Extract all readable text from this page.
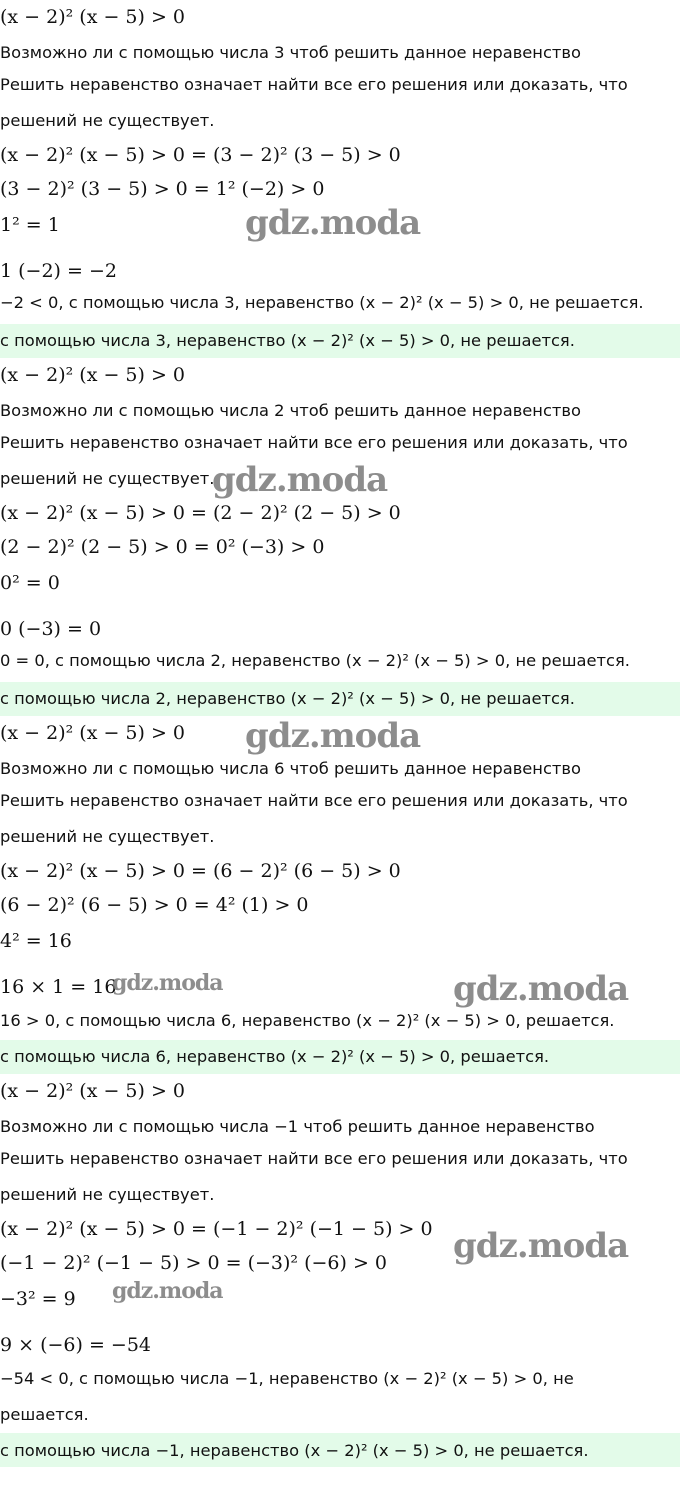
(x − 2)² (x − 5) > 0
Возможно ли с помощью числа 3 чтоб решить данное неравенство
Решить неравенство означает найти все его решения или доказать, что
решений не существует.
(x − 2)² (x − 5) > 0 = (3 − 2)² (3 − 5) > 0
(3 − 2)² (3 − 5) > 0 = 1² (−2) > 0
1² = 1
1 (−2) = −2
−2 < 0, с помощью числа 3, неравенство (x − 2)² (x − 5) > 0, не решается.
с помощью числа 3, неравенство (x − 2)² (x − 5) > 0, не решается.
(x − 2)² (x − 5) > 0
Возможно ли с помощью числа 2 чтоб решить данное неравенство
Решить неравенство означает найти все его решения или доказать, что
решений не существует.
(x − 2)² (x − 5) > 0 = (2 − 2)² (2 − 5) > 0
(2 − 2)² (2 − 5) > 0 = 0² (−3) > 0
0² = 0
0 (−3) = 0
0 = 0, с помощью числа 2, неравенство (x − 2)² (x − 5) > 0, не решается.
с помощью числа 2, неравенство (x − 2)² (x − 5) > 0, не решается.
(x − 2)² (x − 5) > 0
Возможно ли с помощью числа 6 чтоб решить данное неравенство
Решить неравенство означает найти все его решения или доказать, что
решений не существует.
(x − 2)² (x − 5) > 0 = (6 − 2)² (6 − 5) > 0
(6 − 2)² (6 − 5) > 0 = 4² (1) > 0
4² = 16
16 × 1 = 16
16 > 0, с помощью числа 6, неравенство (x − 2)² (x − 5) > 0, решается.
с помощью числа 6, неравенство (x − 2)² (x − 5) > 0, решается.
(x − 2)² (x − 5) > 0
Возможно ли с помощью числа −1 чтоб решить данное неравенство
Решить неравенство означает найти все его решения или доказать, что
решений не существует.
(x − 2)² (x − 5) > 0 = (−1 − 2)² (−1 − 5) > 0
(−1 − 2)² (−1 − 5) > 0 = (−3)² (−6) > 0
−3² = 9
9 × (−6) = −54
−54 < 0, с помощью числа −1, неравенство (x − 2)² (x − 5) > 0, не
решается.
с помощью числа −1, неравенство (x − 2)² (x − 5) > 0, не решается.
gdz.moda
gdz.moda
gdz.moda
gdz.moda	gdz.moda
gdz.moda
gdz.moda
